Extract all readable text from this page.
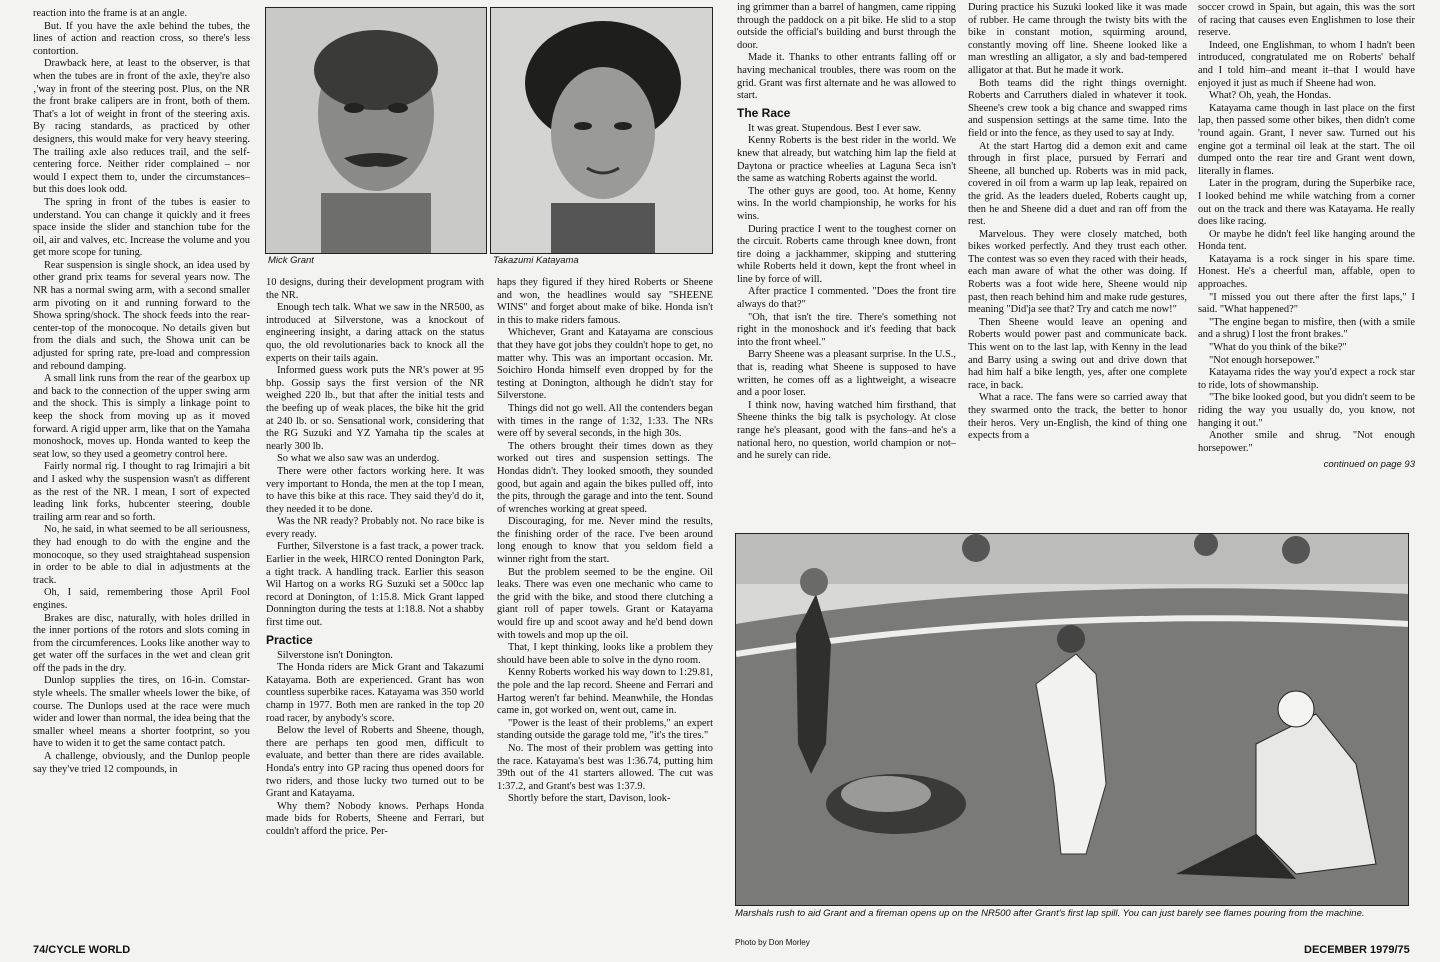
reaction into the frame is at an angle.

But. If you have the axle behind the tubes, the lines of action and reaction cross, so there's less contortion.

Drawback here, at least to the observer, is that when the tubes are in front of the axle, they're also ‚'way in front of the steering post. Plus, on the NR the front brake calipers are in front, both of them. That's a lot of weight in front of the steering axis. By racing standards, as practiced by other designers, this would make for very heavy steering. The trailing axle also reduces trail, and the self-centering force. Neither rider complained – nor would I expect them to, under the circumstances– but this does look odd.

The spring in front of the tubes is easier to understand. You can change it quickly and it frees space inside the slider and stanchion tube for the oil, air and valves, etc. Increase the volume and you get more scope for tuning.

Rear suspension is single shock, an idea used by other grand prix teams for several years now. The NR has a normal swing arm, with a second smaller arm pivoting on it and running forward to the Showa spring/shock. The shock feeds into the rear-center-top of the monocoque. No details given but from the dials and such, the Showa unit can be adjusted for spring rate, pre-load and compression and rebound damping.

A small link runs from the rear of the gearbox up and back to the connection of the upper swing arm and the shock. This is simply a linkage point to keep the shock from moving up as it moved forward. A rigid upper arm, like that on the Yamaha monoshock, moves up. Honda wanted to keep the seat low, so they used a geometry control here.

Fairly normal rig. I thought to rag Irimajiri a bit and I asked why the suspension wasn't as different as the rest of the NR. I mean, I sort of expected leading link forks, hubcenter steering, double trailing arm rear and so forth.

No, he said, in what seemed to be all seriousness, they had enough to do with the engine and the monocoque, so they used straightahead suspension in order to be able to dial in adjustments at the track.

Oh, I said, remembering those April Fool engines.

Brakes are disc, naturally, with holes drilled in the inner portions of the rotors and slots coming in from the circumferences. Looks like another way to get water off the surfaces in the wet and clean grit off the pads in the dry.

Dunlop supplies the tires, on 16-in. Comstar-style wheels. The smaller wheels lower the bike, of course. The Dunlops used at the race were much wider and lower than normal, the idea being that the smaller wheel means a shorter footprint, so you have to widen it to get the same contact patch.

A challenge, obviously, and the Dunlop people say they've tried 12 compounds, in

Mick Grant	Takazumi Katayama

10 designs, during their development program with the NR.

Enough tech talk. What we saw in the NR500, as introduced at Silverstone, was a knockout of engineering insight, a daring attack on the status quo, the old revolutionaries back to knock all the experts on their tails again.

Informed guess work puts the NR's power at 95 bhp. Gossip says the first version of the NR weighed 220 lb., but that after the initial tests and the beefing up of weak places, the bike hit the grid at 240 lb. or so. Sensational work, considering that the RG Suzuki and YZ Yamaha tip the scales at nearly 300 lb.

So what we also saw was an underdog.

There were other factors working here. It was very important to Honda, the men at the top I mean, to have this bike at this race. They said they'd do it, they needed it to be done.

Was the NR ready? Probably not. No race bike is every ready.

Further, Silverstone is a fast track, a power track. Earlier in the week, HIRCO rented Donington Park, a tight track. A handling track. Earlier this season Wil Hartog on a works RG Suzuki set a 500cc lap record at Donington, of 1:15.8. Mick Grant lapped Donnington during the tests at 1:18.8. Not a shabby first time out.

Practice

Silverstone isn't Donington.

The Honda riders are Mick Grant and Takazumi Katayama. Both are experienced. Grant has won countless superbike races. Katayama was 350 world champ in 1977. Both men are ranked in the top 20 road racer, by anybody's score.

Below the level of Roberts and Sheene, though, there are perhaps ten good men, difficult to evaluate, and better than there are rides available. Honda's entry into GP racing thus opened doors for two riders, and those lucky two turned out to be Grant and Katayama.

Why them? Nobody knows. Perhaps Honda made bids for Roberts, Sheene and Ferrari, but couldn't afford the price. Per-

haps they figured if they hired Roberts or Sheene and won, the headlines would say "SHEENE WINS" and forget about make of bike. Honda isn't in this to make riders famous.

Whichever, Grant and Katayama are conscious that they have got jobs they couldn't hope to get, no matter why. This was an important occasion. Mr. Soichiro Honda himself even dropped by for the testing at Donington, although he didn't stay for Silverstone.

Things did not go well. All the contenders began with times in the range of 1:32, 1:33. The NRs were off by several seconds, in the high 30s.

The others brought their times down as they worked out tires and suspension settings. The Hondas didn't. They looked smooth, they sounded good, but again and again the bikes pulled off, into the pits, through the garage and into the tent. Sound of wrenches working at great speed.

Discouraging, for me. Never mind the results, the finishing order of the race. I've been around long enough to know that you seldom field a winner right from the start.

But the problem seemed to be the engine. Oil leaks. There was even one mechanic who came to the grid with the bike, and stood there clutching a giant roll of paper towels. Grant or Katayama would fire up and scoot away and he'd bend down with towels and mop up the oil.

That, I kept thinking, looks like a problem they should have been able to solve in the dyno room.

Kenny Roberts worked his way down to 1:29.81, the pole and the lap record. Sheene and Ferrari and Hartog weren't far behind. Meanwhile, the Hondas came in, got worked on, went out, came in.

"Power is the least of their problems," an expert standing outside the garage told me, "it's the tires."

No. The most of their problem was getting into the race. Katayama's best was 1:36.74, putting him 39th out of the 41 starters allowed. The cut was 1:37.2, and Grant's best was 1:37.9.

Shortly before the start, Davison, look-

74/CYCLE WORLD

ing grimmer than a barrel of hangmen, came ripping through the paddock on a pit bike. He slid to a stop outside the official's building and burst through the door.

Made it. Thanks to other entrants falling off or having mechanical troubles, there was room on the grid. Grant was first alternate and he was allowed to start.

The Race

It was great. Stupendous. Best I ever saw.

Kenny Roberts is the best rider in the world. We knew that already, but watching him lap the field at Daytona or practice wheelies at Laguna Seca isn't the same as watching Roberts against the world.

The other guys are good, too. At home, Kenny wins. In the world championship, he works for his wins.

During practice I went to the toughest corner on the circuit. Roberts came through knee down, front tire doing a jackhammer, skipping and stuttering while Roberts held it down, kept the front wheel in line by force of will.

After practice I commented. "Does the front tire always do that?"

"Oh, that isn't the tire. There's something not right in the monoshock and it's feeding that back into the front wheel."

Barry Sheene was a pleasant surprise. In the U.S., that is, reading what Sheene is supposed to have written, he comes off as a lightweight, a wiseacre and a poor loser.

I think now, having watched him firsthand, that Sheene thinks the big talk is psychology. At close range he's pleasant, good with the fans–and he's a national hero, no question, world champion or not–and he surely can ride.

During practice his Suzuki looked like it was made of rubber. He came through the twisty bits with the bike in constant motion, squirming around, constantly moving off line. Sheene looked like a man wrestling an alligator, a sly and bad-tempered alligator at that. But he made it work.

Both teams did the right things overnight. Roberts and Carruthers dialed in whatever it took. Sheene's crew took a big chance and swapped rims and suspension settings at the same time. Into the field or into the fence, as they used to say at Indy.

At the start Hartog did a demon exit and came through in first place, pursued by Ferrari and Sheene, all bunched up. Roberts was in mid pack, covered in oil from a warm up lap leak, repaired on the grid. As the leaders dueled, Roberts caught up, then he and Sheene did a duet and ran off from the rest.

Marvelous. They were closely matched, both bikes worked perfectly. And they trust each other. The contest was so even they raced with their heads, each man aware of what the other was doing. If Roberts was a foot wide here, Sheene would nip past, then reach behind him and make rude gestures, meaning "Did'ja see that? Try and catch me now!"

Then Sheene would leave an opening and Roberts would power past and communicate back. This went on to the last lap, with Kenny in the lead and Barry using a swing out and drive down that had him half a bike length, yes, after one complete race, in back.

What a race. The fans were so carried away that they swarmed onto the track, the better to honor their heros. Very un-English, the kind of thing one expects from a

soccer crowd in Spain, but again, this was the sort of racing that causes even Englishmen to lose their reserve.

Indeed, one Englishman, to whom I hadn't been introduced, congratulated me on Roberts' behalf and I told him–and meant it–that I would have enjoyed it just as much if Sheene had won.

What? Oh, yeah, the Hondas.

Katayama came though in last place on the first lap, then passed some other bikes, then didn't come 'round again. Grant, I never saw. Turned out his engine got a terminal oil leak at the start. The oil dumped onto the rear tire and Grant went down, literally in flames.

Later in the program, during the Superbike race, I looked behind me while watching from a corner out on the track and there was Katayama. He really does like racing.

Or maybe he didn't feel like hanging around the Honda tent.

Katayama is a rock singer in his spare time. Honest. He's a cheerful man, affable, open to approaches.

"I missed you out there after the first laps," I said. "What happened?"

"The engine began to misfire, then (with a smile and a shrug) I lost the front brakes."

"What do you think of the bike?"

"Not enough horsepower."

Katayama rides the way you'd expect a rock star to ride, lots of showmanship.

"The bike looked good, but you didn't seem to be riding the way you usually do, you know, not hanging it out."

Another smile and shrug. "Not enough horsepower."

continued on page 93

Marshals rush to aid Grant and a fireman opens up on the NR500 after Grant's first lap spill. You can just barely see flames pouring from the machine.
Photo by Don Morley
DECEMBER 1979/75
